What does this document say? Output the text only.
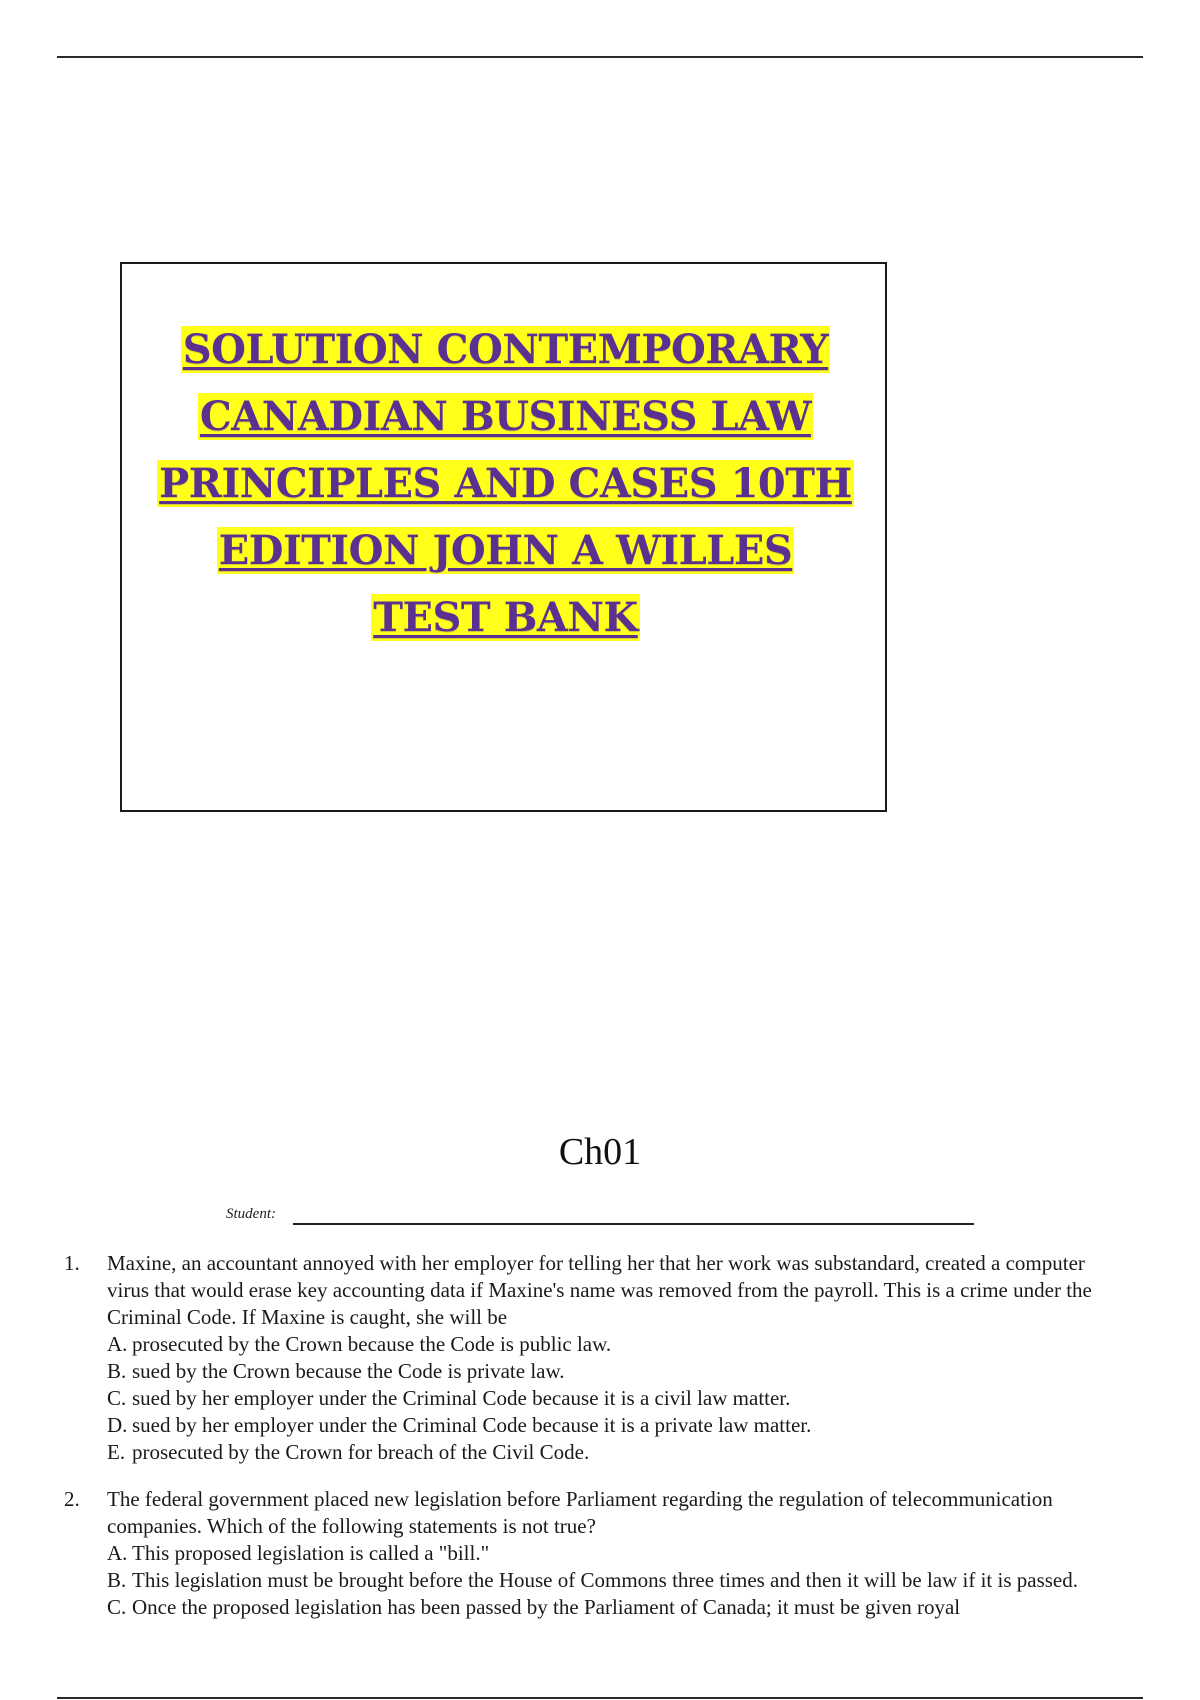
SOLUTION CONTEMPORARY
CANADIAN BUSINESS LAW
PRINCIPLES AND CASES 10TH
EDITION JOHN A WILLES
TEST BANK
Ch01
Student:
1. Maxine, an accountant annoyed with her employer for telling her that her work was substandard, created a computer virus that would erase key accounting data if Maxine's name was removed from the payroll. This is a crime under the Criminal Code. If Maxine is caught, she will be

A. prosecuted by the Crown because the Code is public law.
B. sued by the Crown because the Code is private law.
C. sued by her employer under the Criminal Code because it is a civil law matter.
D. sued by her employer under the Criminal Code because it is a private law matter.
E. prosecuted by the Crown for breach of the Civil Code.
2. The federal government placed new legislation before Parliament regarding the regulation of telecommunication companies. Which of the following statements is not true?

A. This proposed legislation is called a "bill."
B. This legislation must be brought before the House of Commons three times and then it will be law if it is passed.
C. Once the proposed legislation has been passed by the Parliament of Canada; it must be given royal
